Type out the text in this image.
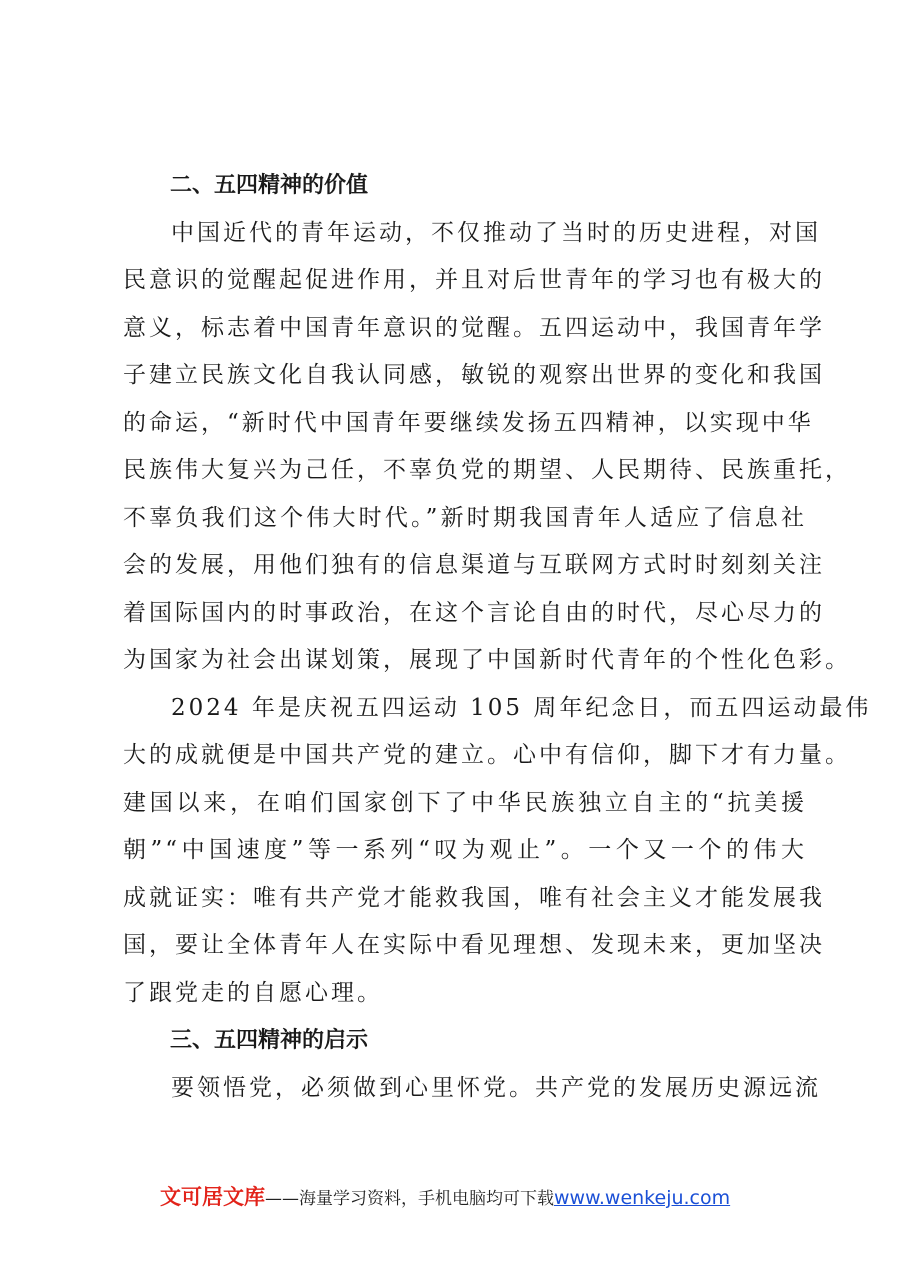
二、五四精神的价值
中国近代的青年运动，不仅推动了当时的历史进程，对国
民意识的觉醒起促进作用，并且对后世青年的学习也有极大的
意义，标志着中国青年意识的觉醒。五四运动中，我国青年学
子建立民族文化自我认同感，敏锐的观察出世界的变化和我国
的命运，“新时代中国青年要继续发扬五四精神，以实现中华
民族伟大复兴为己任，不辜负党的期望、人民期待、民族重托，
不辜负我们这个伟大时代。”新时期我国青年人适应了信息社
会的发展，用他们独有的信息渠道与互联网方式时时刻刻关注
着国际国内的时事政治，在这个言论自由的时代，尽心尽力的
为国家为社会出谋划策，展现了中国新时代青年的个性化色彩。
2024 年是庆祝五四运动 105 周年纪念日，而五四运动最伟
大的成就便是中国共产党的建立。心中有信仰，脚下才有力量。
建国以来，在咱们国家创下了中华民族独立自主的“抗美援
朝”“中国速度”等一系列“叹为观止”。一个又一个的伟大
成就证实：唯有共产党才能救我国，唯有社会主义才能发展我
国，要让全体青年人在实际中看见理想、发现未来，更加坚决
了跟党走的自愿心理。
三、五四精神的启示
要领悟党，必须做到心里怀党。共产党的发展历史源远流
文可居文库——海量学习资料，手机电脑均可下载www.wenkeju.com
